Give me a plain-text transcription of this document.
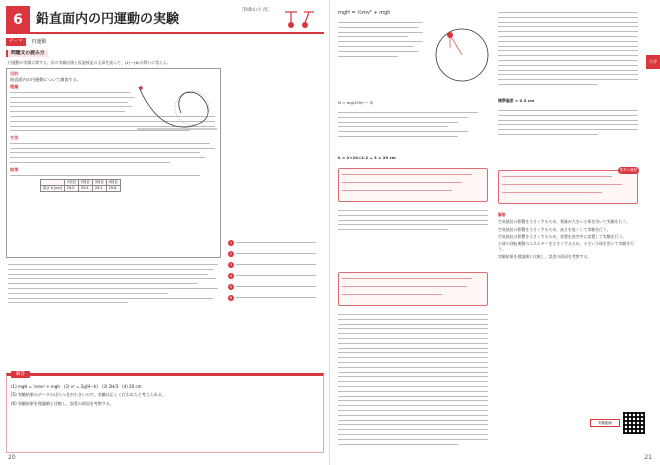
6	鉛直面内の円運動の実験
［和歌山大 改］
テーマ	円運動
問題文の読み方
円運動の実験に関する，次の実験計画と仮説検証の文章を読んで，(1)〜(6)の問いに答えよ。
目的
鉛直面内の円運動について調査する。
理論
方法
結果
	1回目	2回目	3回目	4回目
高さ h [cm]	29.0	29.5	29.2	29.6
1
2
3
4
5
6
解答
(1) mgH = ½mv² + mgh　(2) v² = 2g(H−h)　(3) 2H/3　(4) 20 cm
(5) 実験結果のデータのばらつきが小さいので，実験は正しく行われたと考えられる。
(6) 実験結果を理論値と比較し，誤差の原因を考察する。
20
力学
mgH = ½mv² + mgh
N = mg(2H/h − 3)
k = 2×24×1.2 ÷ 3 = 20 cm
標準偏差 ≈ 0.3 cm
思考の過程
解説
空気抵抗の影響を小さくするため，質量が大きい小球を用いて実験を行う。
空気抵抗の影響を小さくするため，高さを低くして実験を行う。
空気抵抗の影響を小さくするため，装置を真空中に設置して実験を行う。
小球の回転運動のエネルギーを小さくするため，小さい小球を用いて実験を行う。
実験結果を理論値と比較し，誤差の原因を考察する。
実験動画
21
